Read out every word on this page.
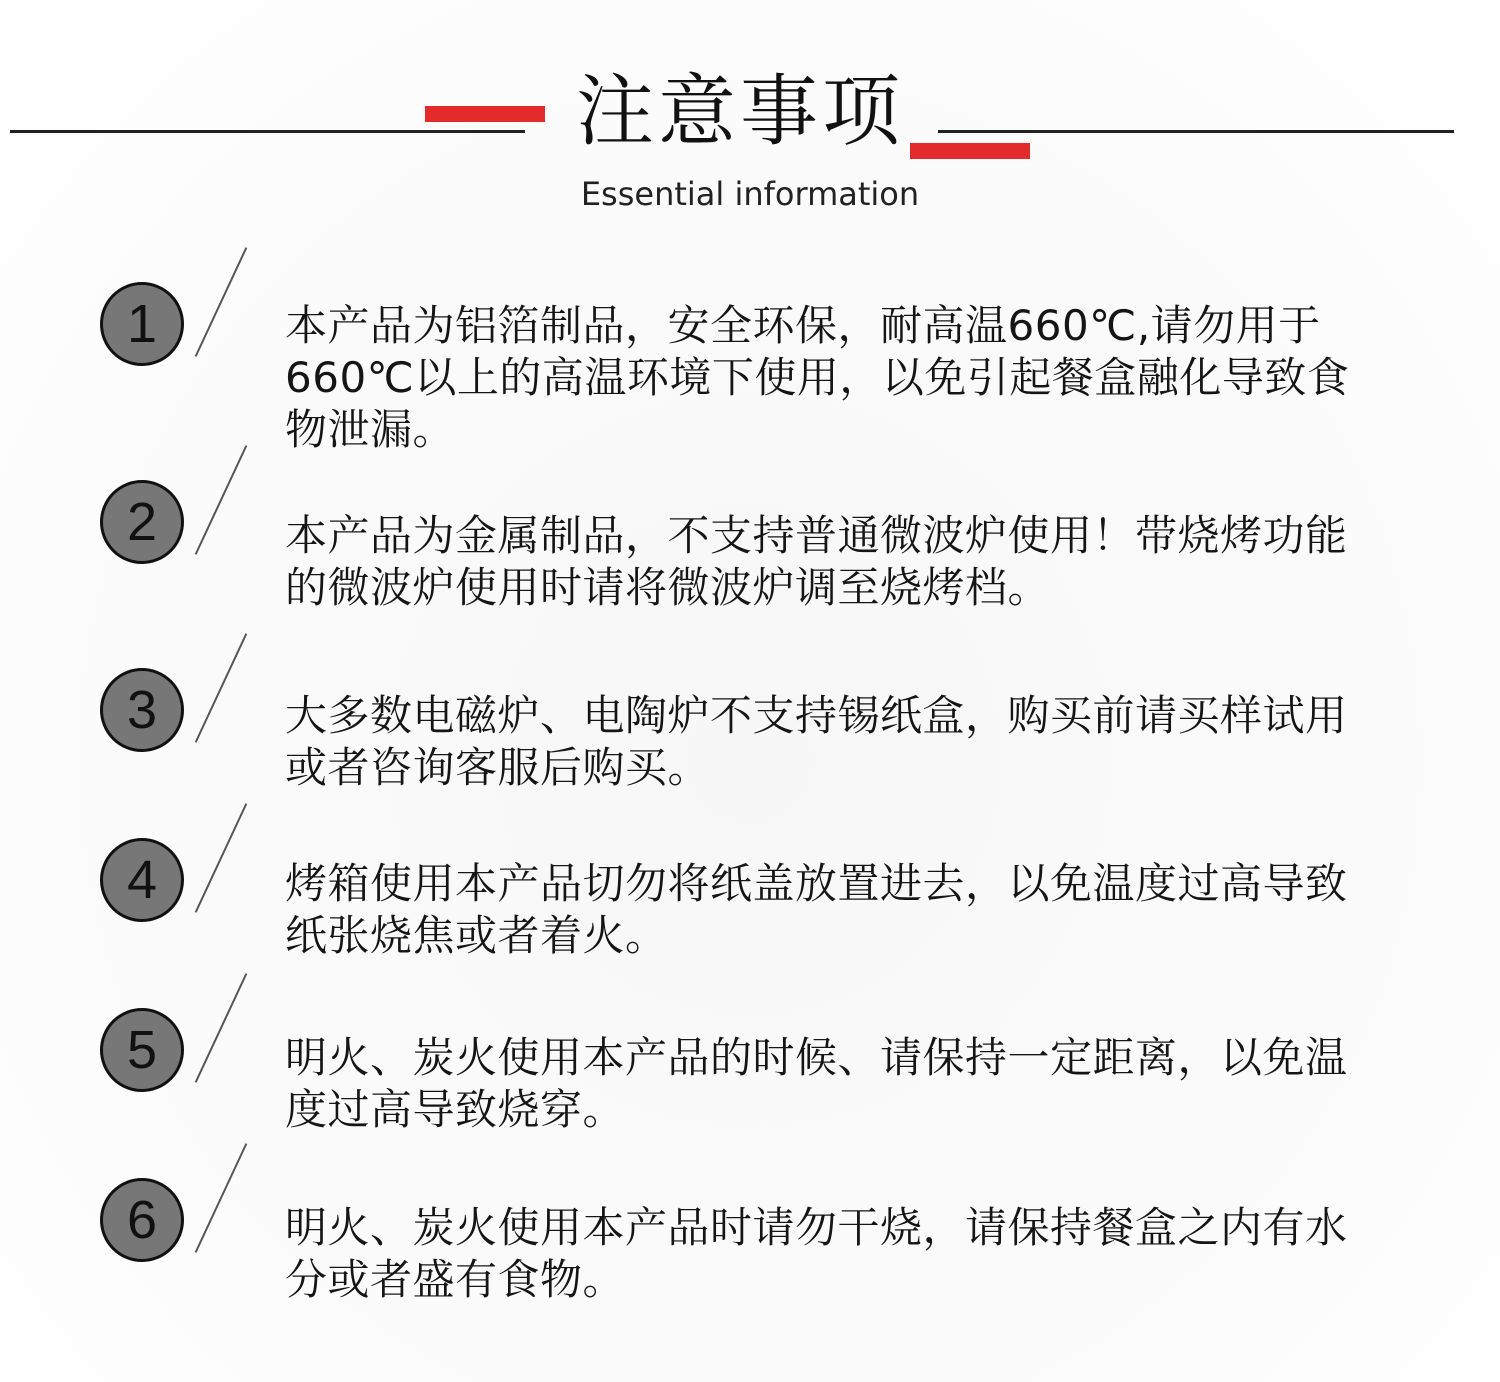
注意事项
Essential information
1	本产品为铝箔制品，安全环保，耐高温660℃,请勿用于660℃以上的高温环境下使用，以免引起餐盒融化导致食物泄漏。
2	本产品为金属制品，不支持普通微波炉使用！带烧烤功能的微波炉使用时请将微波炉调至烧烤档。
3	大多数电磁炉、电陶炉不支持锡纸盒，购买前请买样试用或者咨询客服后购买。
4	烤箱使用本产品切勿将纸盖放置进去，以免温度过高导致纸张烧焦或者着火。
5	明火、炭火使用本产品的时候、请保持一定距离，以免温度过高导致烧穿。
6	明火、炭火使用本产品时请勿干烧，请保持餐盒之内有水分或者盛有食物。
